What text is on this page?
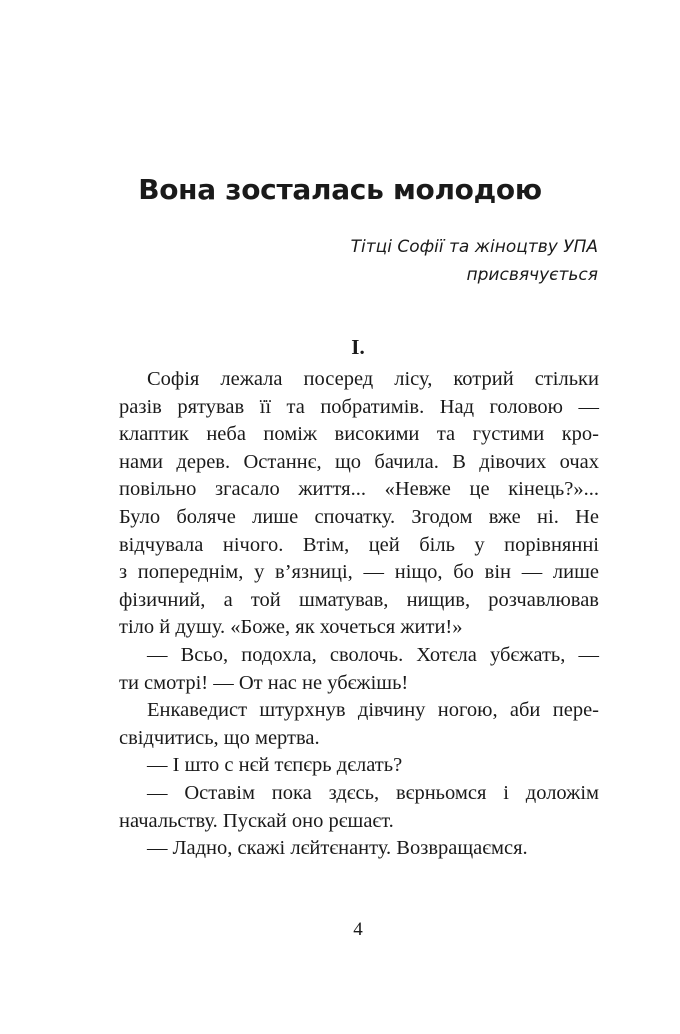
Вона зосталась молодою
Тітці Софії та жіноцтву УПА
присвячується
I.
Софія лежала посеред лісу, котрий стільки
разів рятував її та побратимів. Над головою —
клаптик неба поміж високими та густими кро-
нами дерев. Останнє, що бачила. В дівочих очах
повільно згасало життя... «Невже це кінець?»...
Було боляче лише спочатку. Згодом вже ні. Не
відчувала нічого. Втім, цей біль у порівнянні
з попереднім, у в’язниці, — ніщо, бо він — лише
фізичний, а той шматував, нищив, розчавлював
тіло й душу. «Боже, як хочеться жити!»
— Всьо, подохла, сволочь. Хотєла убєжать, —
ти смотрі! — От нас не убєжішь!
Енкаведист штурхнув дівчину ногою, аби пере-
свідчитись, що мертва.
— І што с нєй тєпєрь дєлать?
— Оставім пока здєсь, вєрньомся і доложім
начальству. Пускай оно рєшаєт.
— Ладно, скажі лєйтєнанту. Возвращаємся.
4
